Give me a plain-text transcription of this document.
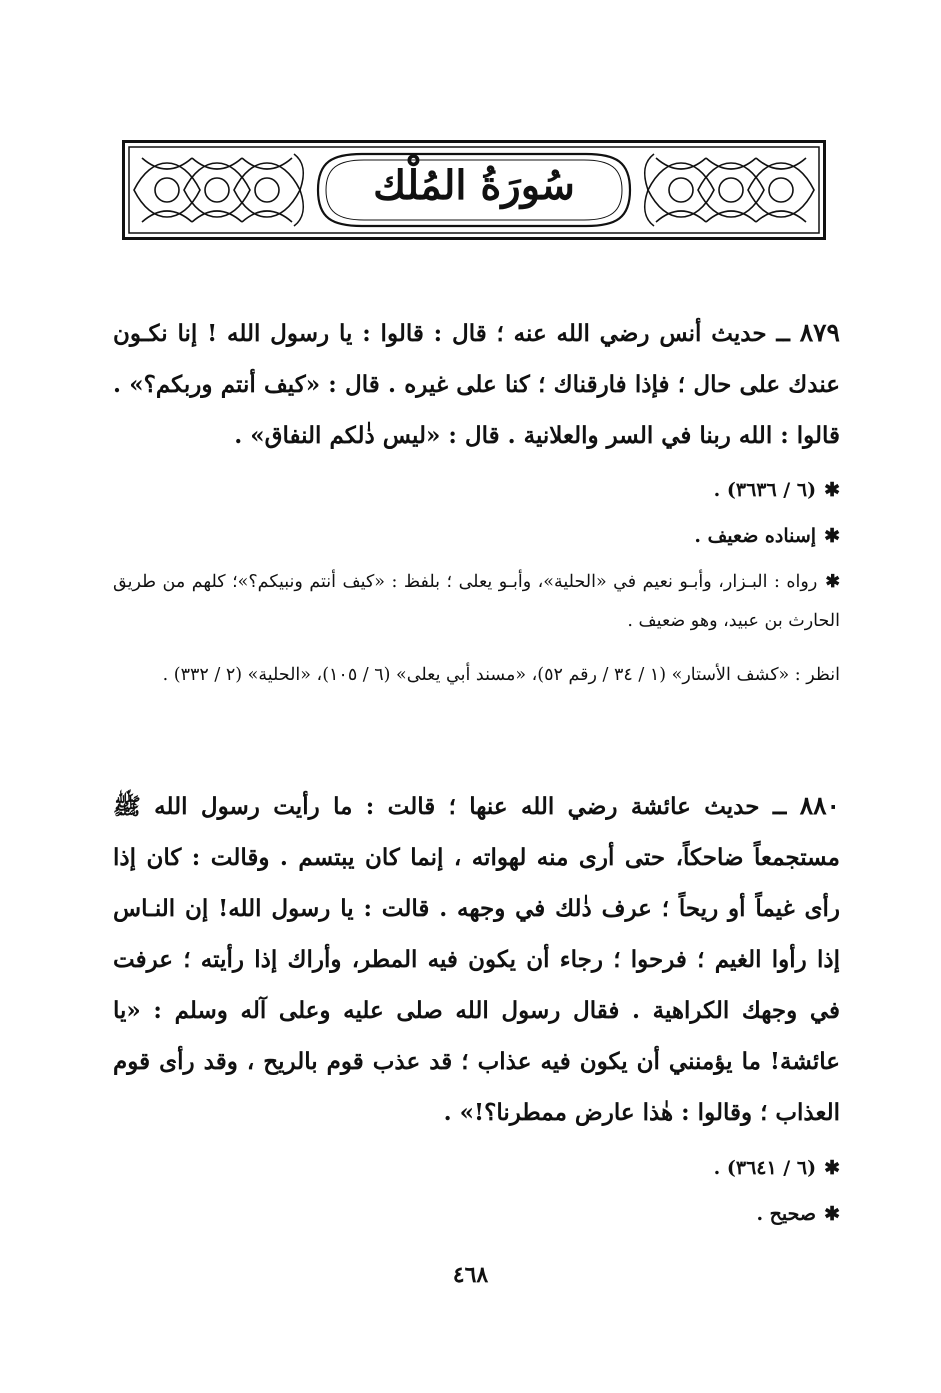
سُورَةُ المُلْك
٨٧٩ ــ حديث أنس رضي الله عنه ؛ قال : قالوا : يا رسول الله ! إنا نكـون عندك على حال ؛ فإذا فارقناك ؛ كنا على غيره . قال : «كيف أنتم وربكم؟» . قالوا : الله ربنا في السر والعلانية . قال : «ليس ذٰلكم النفاق» .
✱(٦ / ٣٦٣٦) .
✱إسناده ضعيف .
✱رواه : البـزار، وأبـو نعيم في «الحلية»، وأبـو يعلى ؛ بلفظ : «كيف أنتم ونبيكم؟»؛ كلهم من طريق الحارث بن عبيد، وهو ضعيف .
انظر : «كشف الأستار» (١ / ٣٤ / رقم ٥٢)، «مسند أبي يعلى» (٦ / ١٠٥)، «الحلية» (٢ / ٣٣٢) .
٨٨٠ ــ حديث عائشة رضي الله عنها ؛ قالت : ما رأيت رسول الله ﷺ مستجمعاً ضاحكاً، حتى أرى منه لهواته ، إنما كان يبتسم . وقالت : كان إذا رأى غيماً أو ريحاً ؛ عرف ذٰلك في وجهه . قالت : يا رسول الله! إن النـاس إذا رأوا الغيم ؛ فرحوا ؛ رجاء أن يكون فيه المطر، وأراك إذا رأيته ؛ عرفت في وجهك الكراهية . فقال رسول الله صلى عليه وعلى آله وسلم : «يا عائشة! ما يؤمنني أن يكون فيه عذاب ؛ قد عذب قوم بالريح ، وقد رأى قوم العذاب ؛ وقالوا : هٰذا عارض ممطرنا؟!» .
✱(٦ / ٣٦٤١) .
✱صحيح .
٤٦٨
